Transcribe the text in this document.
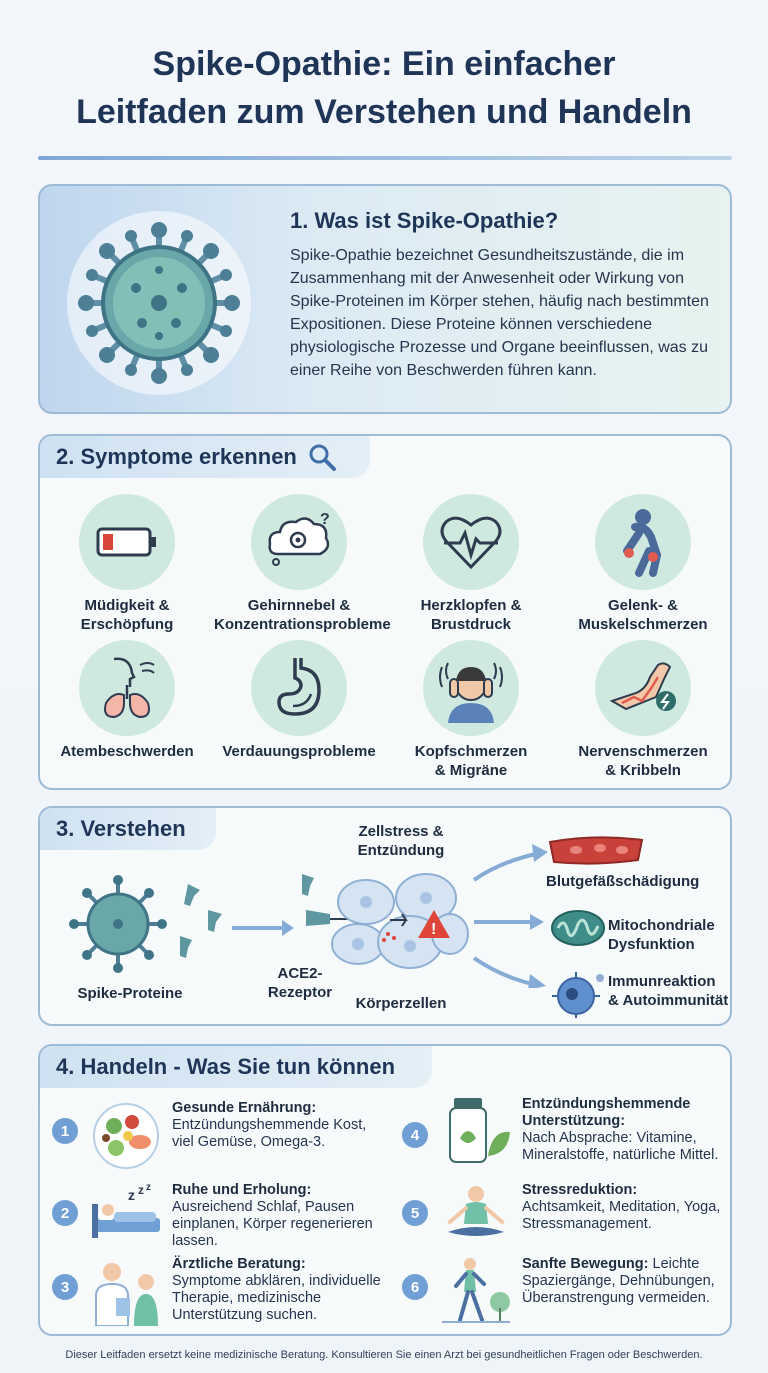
Spike-Opathie: Ein einfacher
Leitfaden zum Verstehen und Handeln
1. Was ist Spike-Opathie?
Spike-Opathie bezeichnet Gesundheitszustände, die im Zusammenhang mit der Anwesenheit oder Wirkung von Spike-Proteinen im Körper stehen, häufig nach bestimmten Expositionen. Diese Proteine können verschiedene physiologische Prozesse und Organe beeinflussen, was zu einer Reihe von Beschwerden führen kann.
2. Symptome erkennen
Müdigkeit &
Erschöpfung
?
Gehirnnebel &
Konzentrationsprobleme
Herzklopfen &
Brustdruck
Gelenk- &
Muskelschmerzen
Atembeschwerden	Verdauungsprobleme	Kopfschmerzen
& Migräne
Nervenschmerzen
& Kribbeln
3. Verstehen
Spike-Proteine
ACE2-
Rezeptor
!
Zellstress &
Entzündung
Körperzellen
Blutgefäßschädigung
Mitochondriale
Dysfunktion
Immunreaktion
& Autoimmunität
4. Handeln - Was Sie tun können
1
Gesunde Ernährung:
Entzündungshemmende Kost, viel Gemüse, Omega-3.
2
z z z Ruhe und Erholung:
Ausreichend Schlaf, Pausen einplanen, Körper regenerieren lassen.
3
Ärztliche Beratung:
Symptome abklären, individuelle Therapie, medizinische Unterstützung suchen.
4
Entzündungshemmende Unterstützung:
Nach Absprache: Vitamine, Mineralstoffe, natürliche Mittel.
5
Stressreduktion:
Achtsamkeit, Meditation, Yoga, Stressmanagement.
6
Sanfte Bewegung: Leichte Spaziergänge, Dehnübungen, Überanstrengung vermeiden.
Dieser Leitfaden ersetzt keine medizinische Beratung. Konsultieren Sie einen Arzt bei gesundheitlichen Fragen oder Beschwerden.
